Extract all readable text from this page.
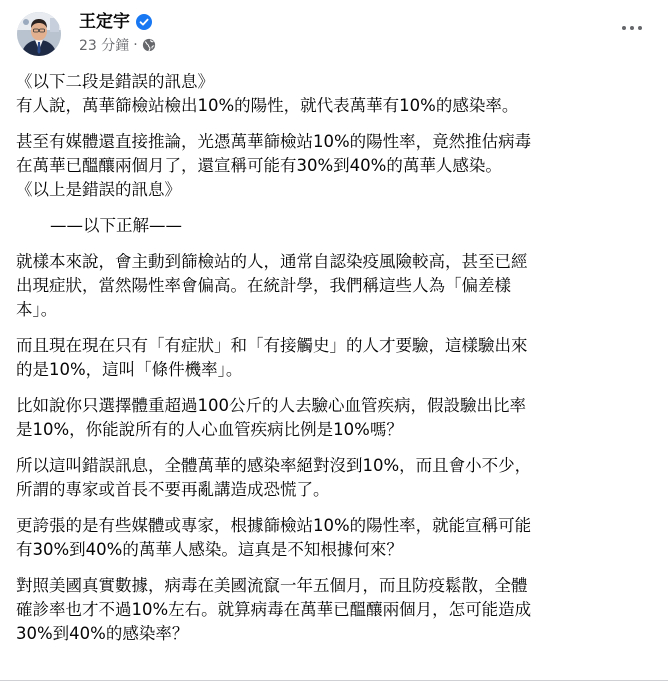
王定宇
23 分鐘 ·

《以下二段是錯誤的訊息》

有人說，萬華篩檢站檢出10%的陽性，就代表萬華有10%的感染率。

甚至有媒體還直接推論，光憑萬華篩檢站10%的陽性率，竟然推估病毒

在萬華已醞釀兩個月了，還宣稱可能有30%到40%的萬華人感染。

《以上是錯誤的訊息》

——以下正解——

就樣本來說，會主動到篩檢站的人，通常自認染疫風險較高，甚至已經

出現症狀，當然陽性率會偏高。在統計學，我們稱這些人為「偏差樣

本」。

而且現在現在只有「有症狀」和「有接觸史」的人才要驗，這樣驗出來

的是10%，這叫「條件機率」。

比如說你只選擇體重超過100公斤的人去驗心血管疾病，假設驗出比率

是10%，你能說所有的人心血管疾病比例是10%嗎？

所以這叫錯誤訊息，全體萬華的感染率絕對沒到10%，而且會小不少，

所謂的專家或首長不要再亂講造成恐慌了。

更誇張的是有些媒體或專家，根據篩檢站10%的陽性率，就能宣稱可能

有30%到40%的萬華人感染。這真是不知根據何來？

對照美國真實數據，病毒在美國流竄一年五個月，而且防疫鬆散，全體

確診率也才不過10%左右。就算病毒在萬華已醞釀兩個月，怎可能造成

30%到40%的感染率？
